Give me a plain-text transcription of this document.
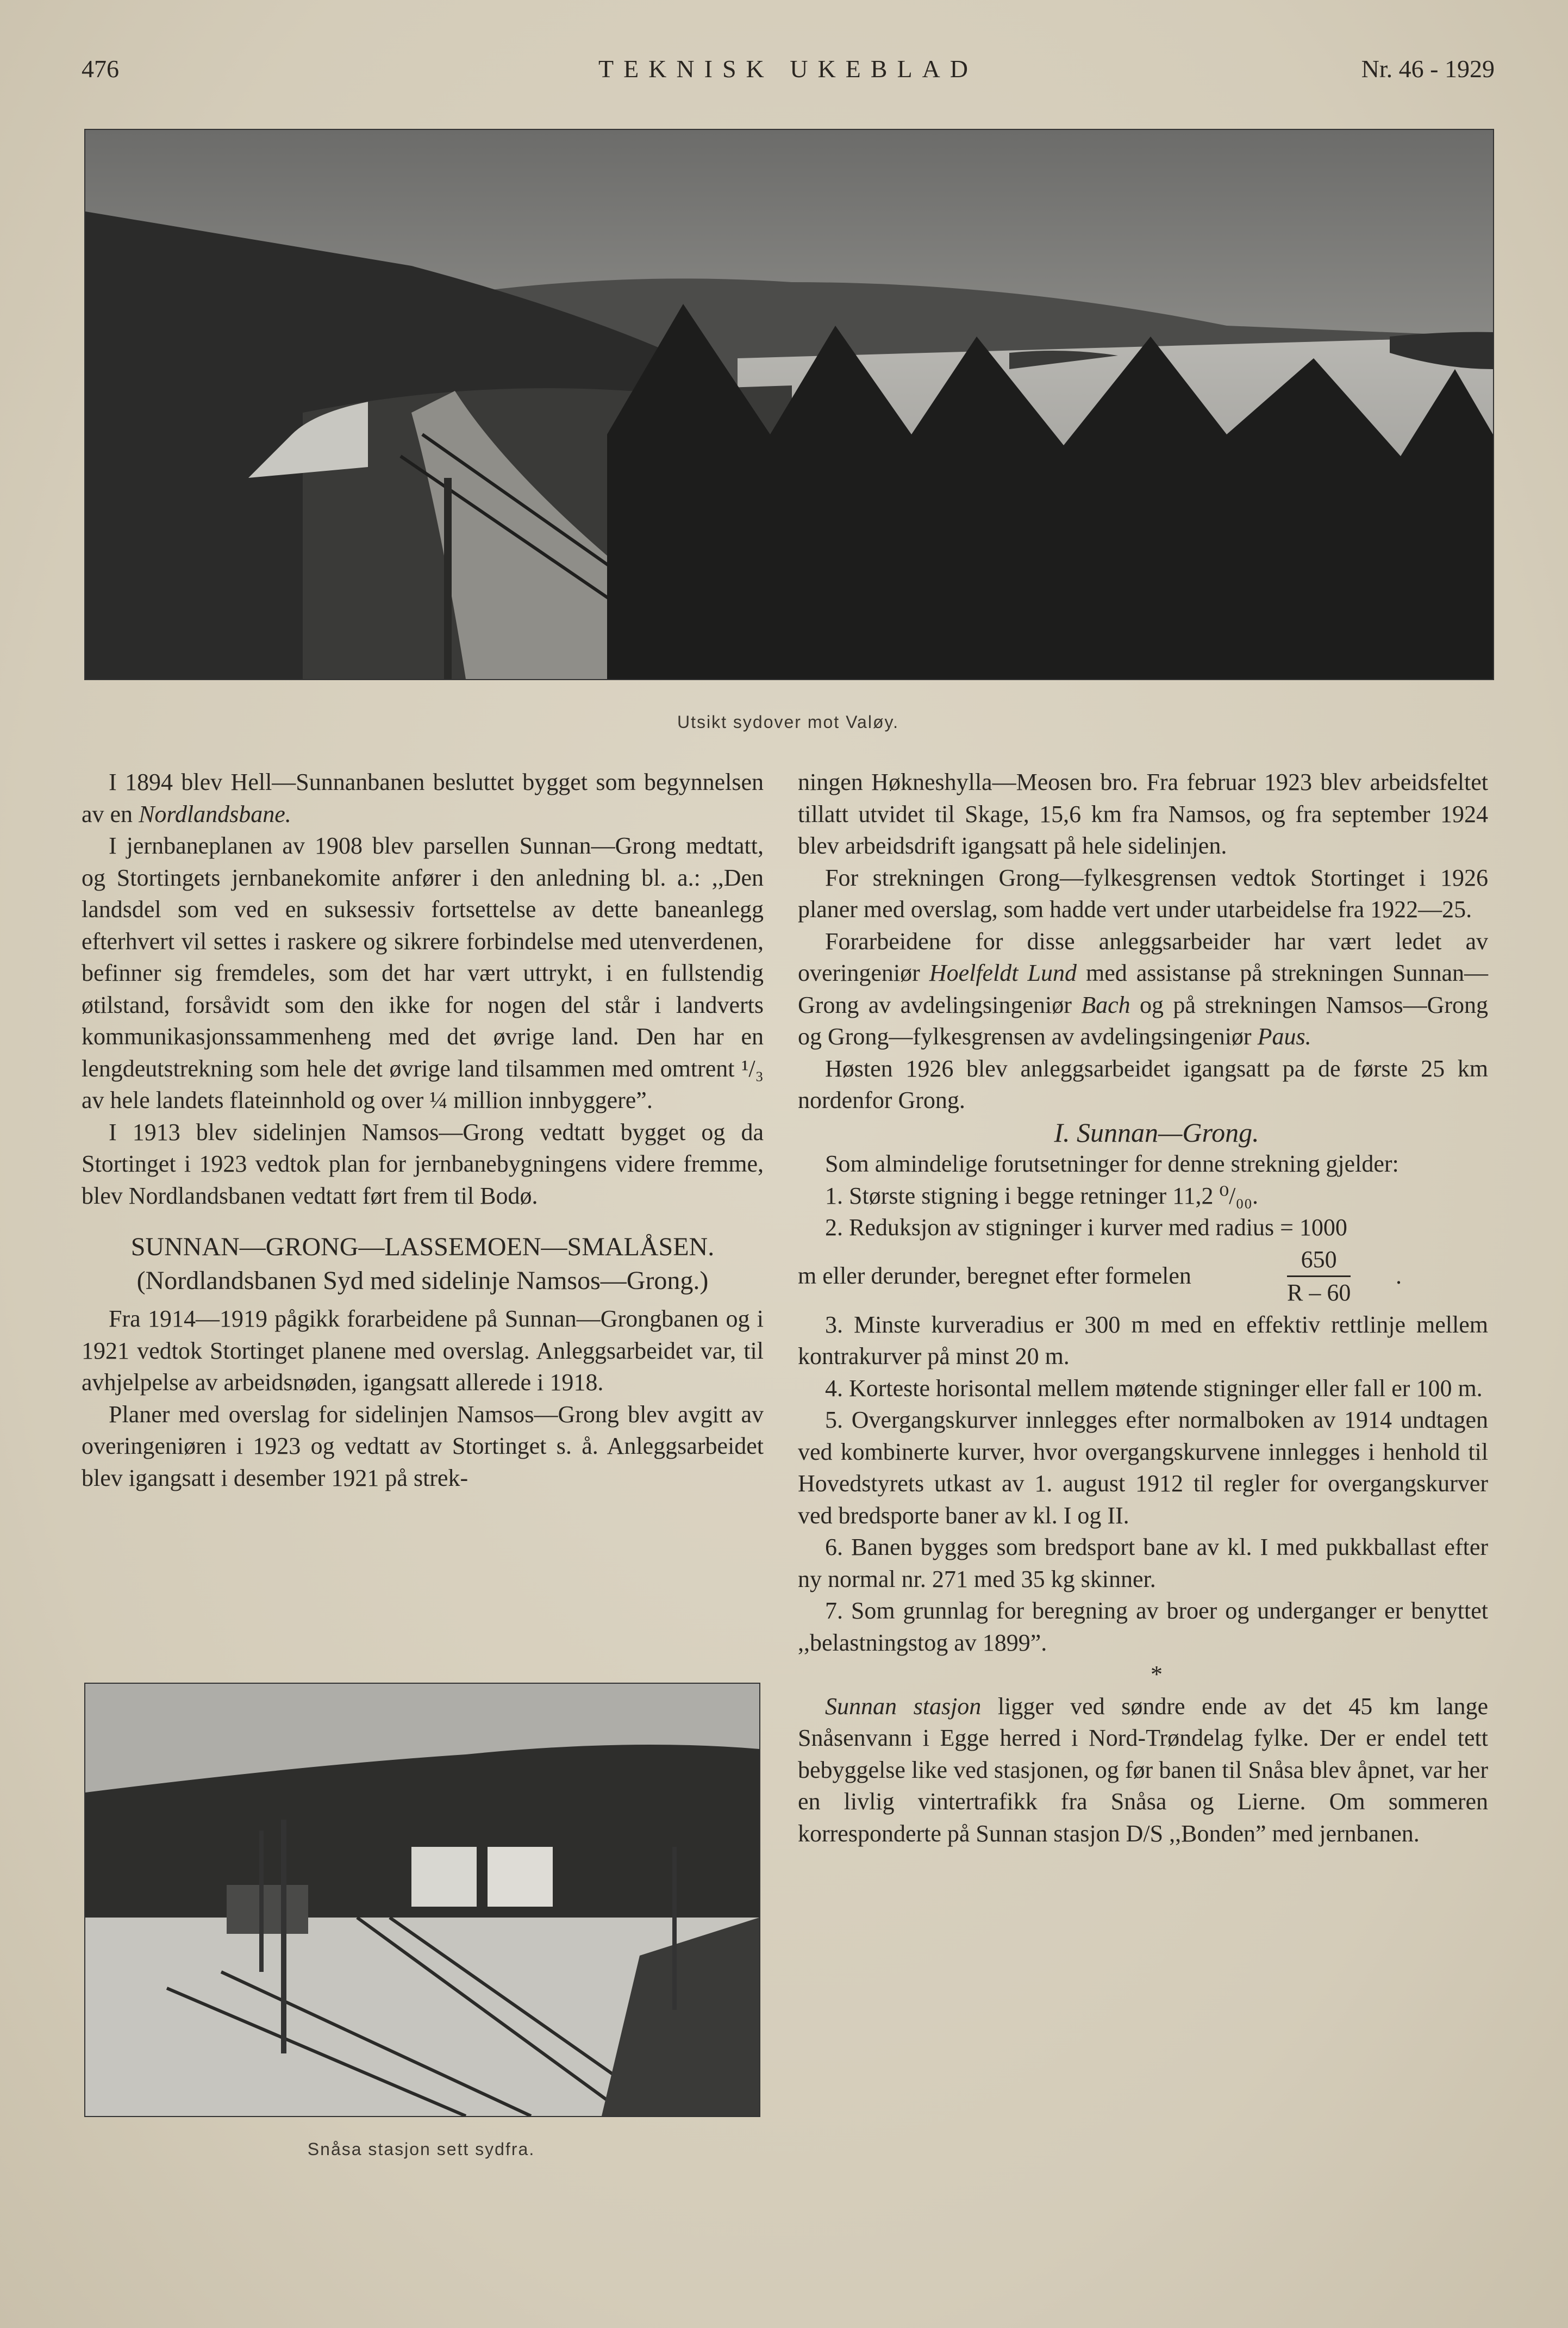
476	TEKNISK UKEBLAD	Nr. 46 - 1929
Utsikt sydover mot Valøy.

I 1894 blev Hell—Sunnanbanen besluttet bygget som begynnelsen av en Nordlandsbane.

I jernbaneplanen av 1908 blev parsellen Sunnan—Grong medtatt, og Stortingets jernbanekomite anfører i den anledning bl. a.: ,,Den landsdel som ved en suksessiv fortsettelse av dette baneanlegg efterhvert vil settes i raskere og sikrere forbindelse med utenverdenen, befinner sig fremdeles, som det har vært uttrykt, i en fullstendig øtilstand, forsåvidt som den ikke for nogen del står i landverts kommunikasjonssammenheng med det øvrige land. Den har en lengdeutstrekning som hele det øvrige land tilsammen med omtrent ¹/₃ av hele landets flateinnhold og over ¼ million innbyggere”.

I 1913 blev sidelinjen Namsos—Grong vedtatt bygget og da Stortinget i 1923 vedtok plan for jernbanebygningens videre fremme, blev Nordlandsbanen vedtatt ført frem til Bodø.

SUNNAN—GRONG—LASSEMOEN—SMALÅSEN.

(Nordlandsbanen Syd med sidelinje Namsos—Grong.)

Fra 1914—1919 pågikk forarbeidene på Sunnan—Grongbanen og i 1921 vedtok Stortinget planene med overslag. Anleggsarbeidet var, til avhjelpelse av arbeidsnøden, igangsatt allerede i 1918.

Planer med overslag for sidelinjen Namsos—Grong blev avgitt av overingeniøren i 1923 og vedtatt av Stortinget s. å. Anleggsarbeidet blev igangsatt i desember 1921 på strek-

Snåsa stasjon sett sydfra.

ningen Høkneshylla—Meosen bro. Fra februar 1923 blev arbeidsfeltet tillatt utvidet til Skage, 15,6 km fra Namsos, og fra september 1924 blev arbeidsdrift igangsatt på hele sidelinjen.

For strekningen Grong—fylkesgrensen vedtok Stortinget i 1926 planer med overslag, som hadde vert under utarbeidelse fra 1922—25.

Forarbeidene for disse anleggsarbeider har vært ledet av overingeniør Hoelfeldt Lund med assistanse på strekningen Sunnan—Grong av avdelingsingeniør Bach og på strekningen Namsos—Grong og Grong—fylkesgrensen av avdelingsingeniør Paus.

Høsten 1926 blev anleggsarbeidet igangsatt pa de første 25 km nordenfor Grong.

I. Sunnan—Grong.

Som almindelige forutsetninger for denne strekning gjelder:

1. Største stigning i begge retninger 11,2 ⁰/₀₀.

2. Reduksjon av stigninger i kurver med radius = 1000

m eller derunder, beregnet efter formelen	$\frac{650}{R - 60}$ .

3. Minste kurveradius er 300 m med en effektiv rettlinje mellem kontrakurver på minst 20 m.

4. Korteste horisontal mellem møtende stigninger eller fall er 100 m.

5. Overgangskurver innlegges efter normalboken av 1914 undtagen ved kombinerte kurver, hvor overgangskurvene innlegges i henhold til Hovedstyrets utkast av 1. august 1912 til regler for overgangskurver ved bredsporte baner av kl. I og II.

6. Banen bygges som bredsport bane av kl. I med pukkballast efter ny normal nr. 271 med 35 kg skinner.

7. Som grunnlag for beregning av broer og underganger er benyttet ,,belastningstog av 1899”.

*

Sunnan stasjon ligger ved søndre ende av det 45 km lange Snåsenvann i Egge herred i Nord-Trøndelag fylke. Der er endel tett bebyggelse like ved stasjonen, og før banen til Snåsa blev åpnet, var her en livlig vintertrafikk fra Snåsa og Lierne. Om sommeren korresponderte på Sunnan stasjon D/S ,,Bonden” med jernbanen.
